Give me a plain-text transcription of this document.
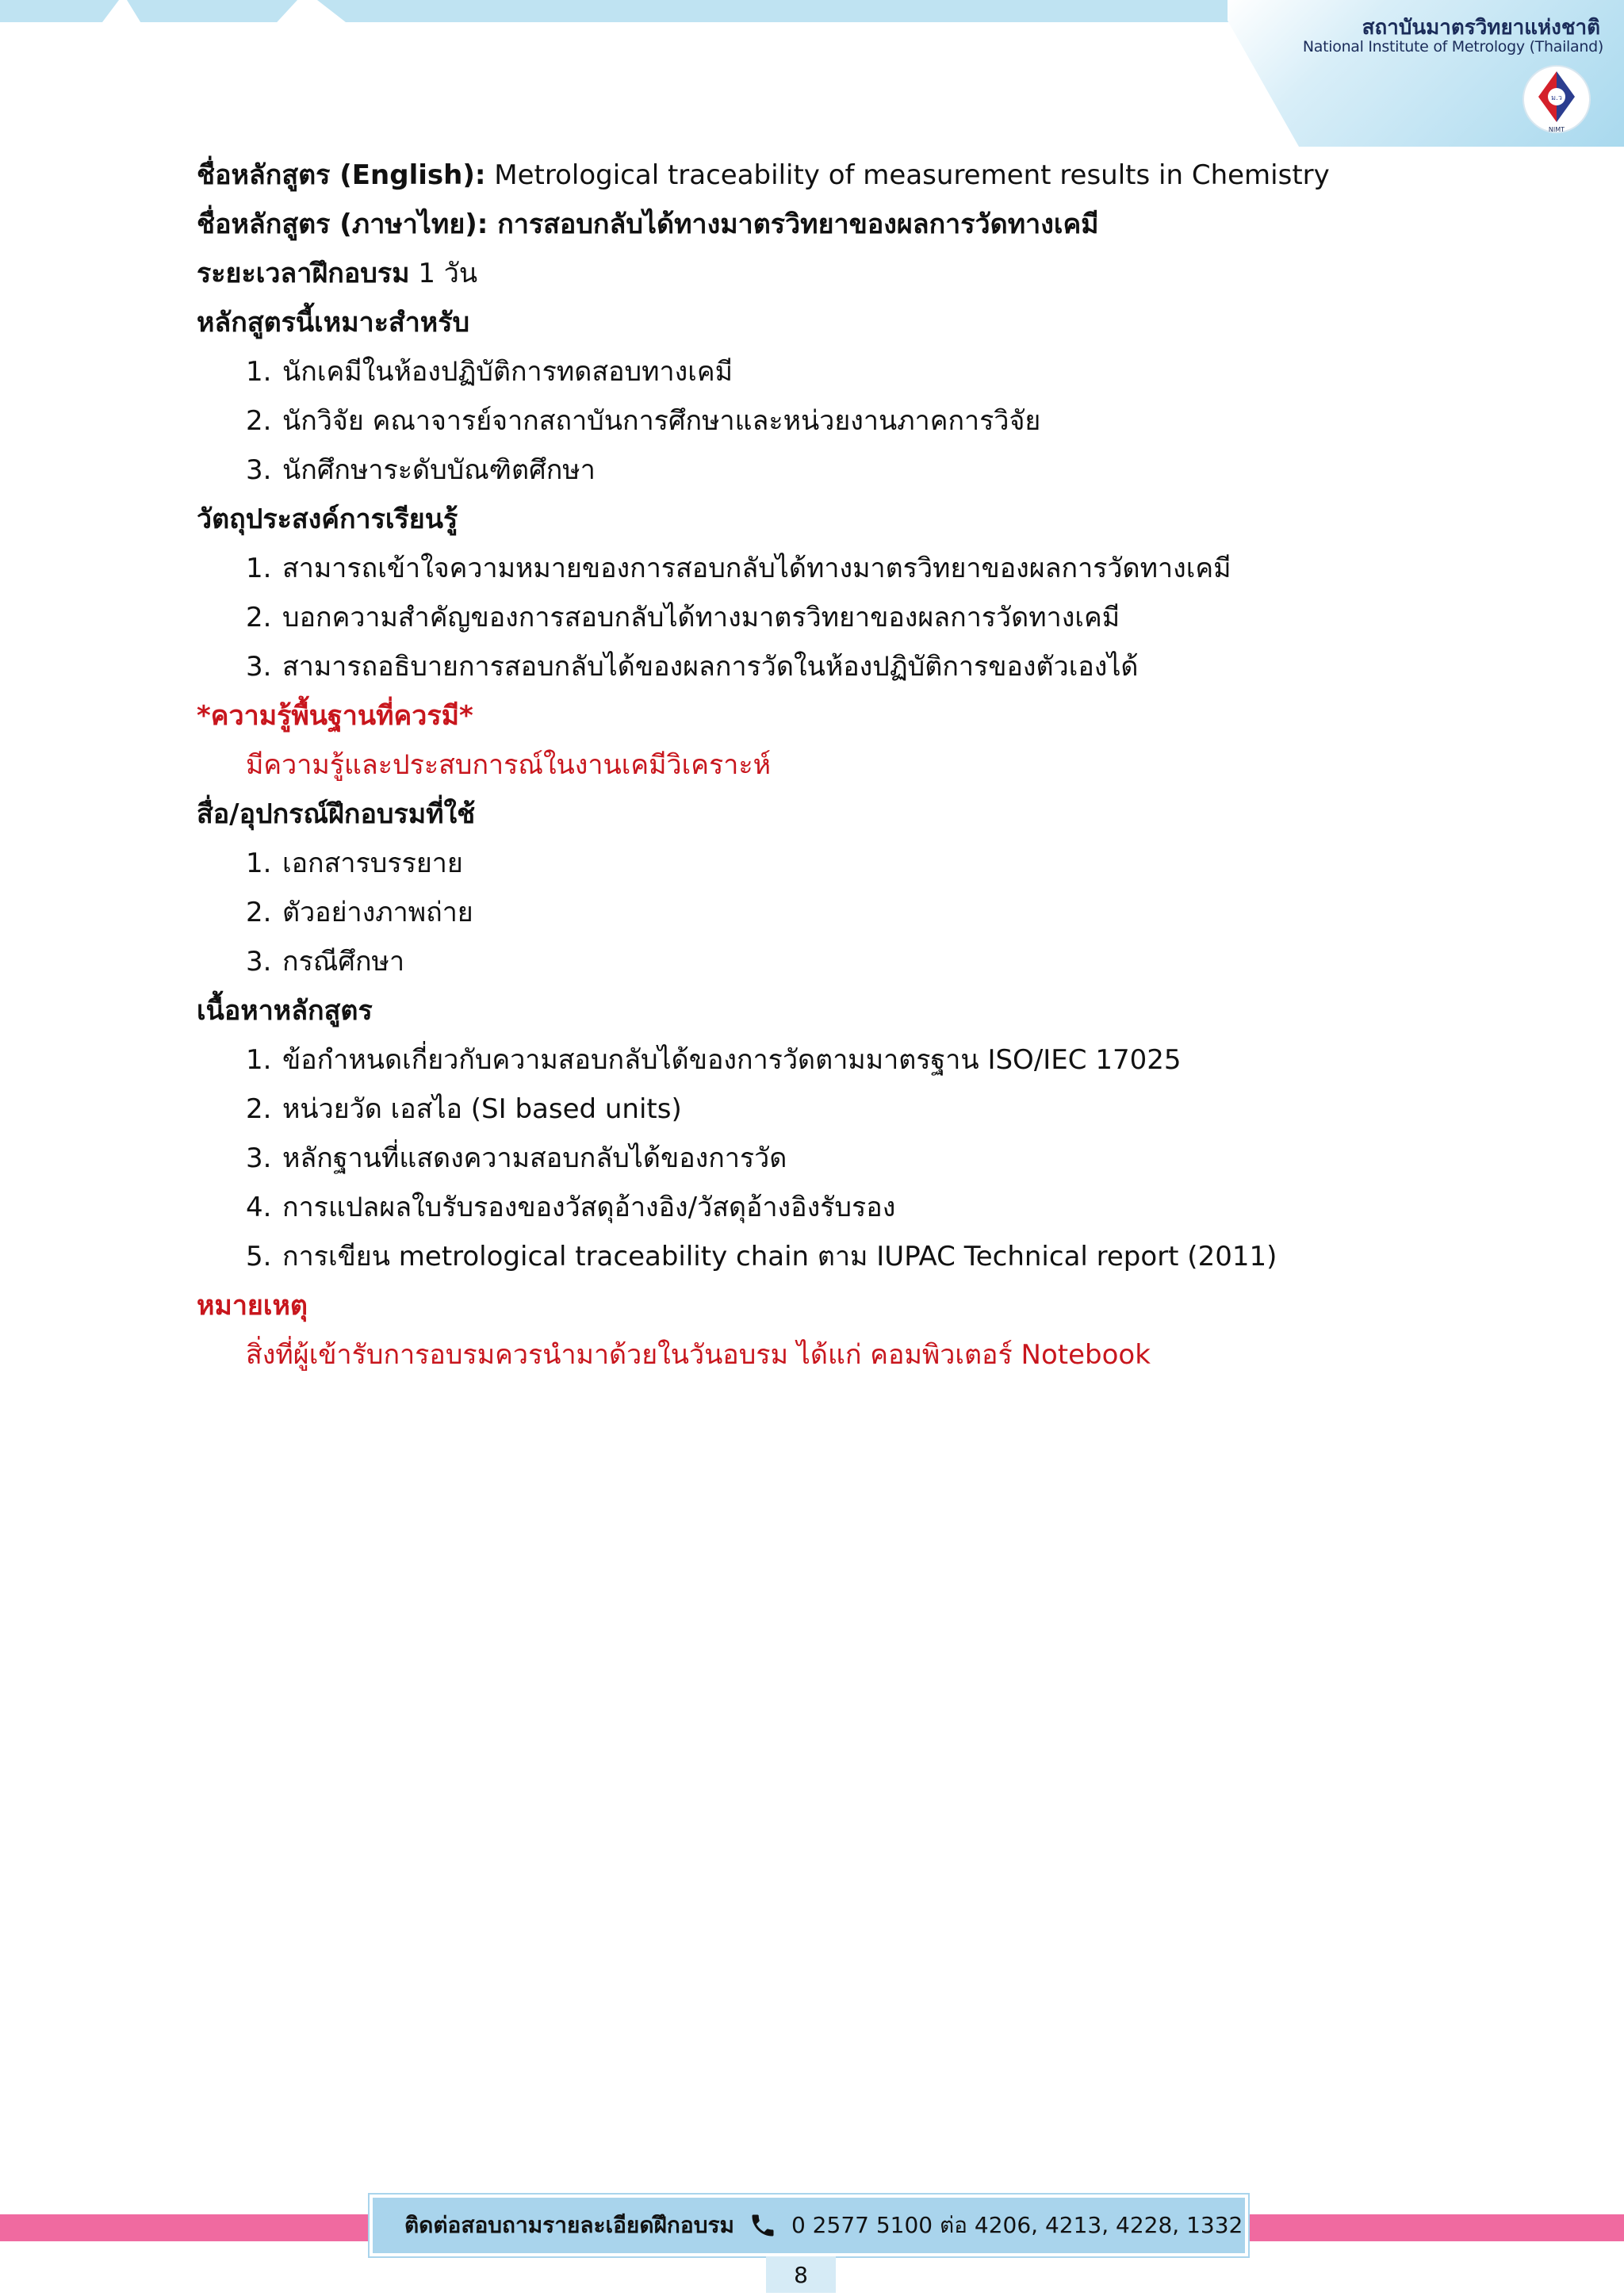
สถาบันมาตรวิทยาแห่งชาติ
National Institute of Metrology (Thailand)
ม.ว
NIMT
ชื่อหลักสูตร (English): Metrological traceability of measurement results in Chemistry
ชื่อหลักสูตร (ภาษาไทย): การสอบกลับได้ทางมาตรวิทยาของผลการวัดทางเคมี
ระยะเวลาฝึกอบรม 1 วัน
หลักสูตรนี้เหมาะสำหรับ
1. นักเคมีในห้องปฏิบัติการทดสอบทางเคมี
2. นักวิจัย คณาจารย์จากสถาบันการศึกษาและหน่วยงานภาคการวิจัย
3. นักศึกษาระดับบัณฑิตศึกษา
วัตถุประสงค์การเรียนรู้
1. สามารถเข้าใจความหมายของการสอบกลับได้ทางมาตรวิทยาของผลการวัดทางเคมี
2. บอกความสำคัญของการสอบกลับได้ทางมาตรวิทยาของผลการวัดทางเคมี
3. สามารถอธิบายการสอบกลับได้ของผลการวัดในห้องปฏิบัติการของตัวเองได้
*ความรู้พื้นฐานที่ควรมี*
มีความรู้และประสบการณ์ในงานเคมีวิเคราะห์
สื่อ/อุปกรณ์ฝึกอบรมที่ใช้
1. เอกสารบรรยาย
2. ตัวอย่างภาพถ่าย
3. กรณีศึกษา
เนื้อหาหลักสูตร
1. ข้อกำหนดเกี่ยวกับความสอบกลับได้ของการวัดตามมาตรฐาน ISO/IEC 17025
2. หน่วยวัด เอสไอ (SI based units)
3. หลักฐานที่แสดงความสอบกลับได้ของการวัด
4. การแปลผลใบรับรองของวัสดุอ้างอิง/วัสดุอ้างอิงรับรอง
5. การเขียน metrological traceability chain ตาม IUPAC Technical report (2011)
หมายเหตุ
สิ่งที่ผู้เข้ารับการอบรมควรนำมาด้วยในวันอบรม ได้แก่ คอมพิวเตอร์ Notebook
ติดต่อสอบถามรายละเอียดฝึกอบรม	0 2577 5100 ต่อ 4206, 4213, 4228, 1332
8
